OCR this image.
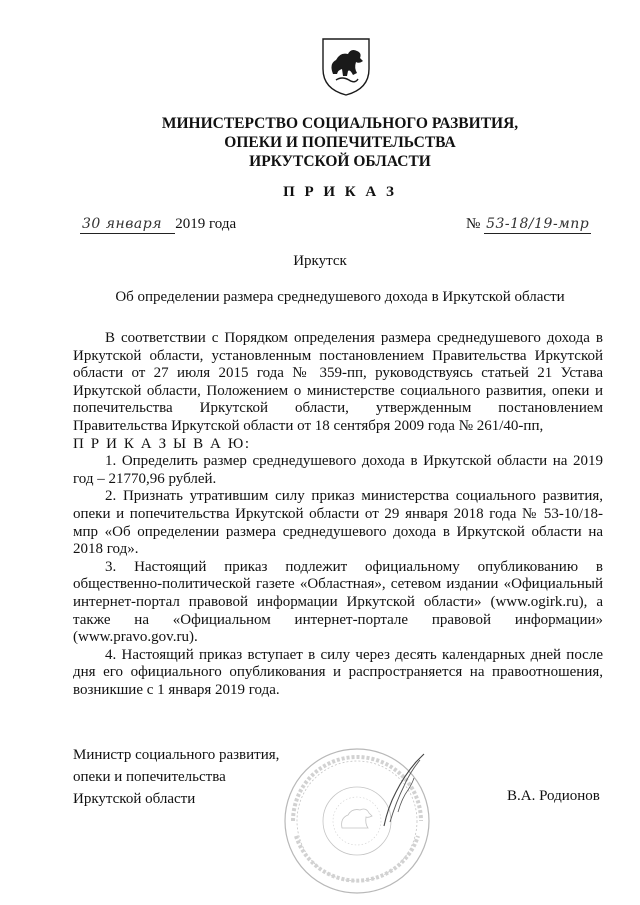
МИНИСТЕРСТВО СОЦИАЛЬНОГО РАЗВИТИЯ,
ОПЕКИ И ПОПЕЧИТЕЛЬСТВА
ИРКУТСКОЙ ОБЛАСТИ
П Р И К А З
30 января 2019 года	№ 53-18/19-мпр
Иркутск
Об определении размера среднедушевого дохода в Иркутской области

В соответствии с Порядком определения размера среднедушевого дохода в Иркутской области, установленным постановлением Правительства Иркутской области от 27 июля 2015 года № 359-пп, руководствуясь статьей 21 Устава Иркутской области, Положением о министерстве социального развития, опеки и попечительства Иркутской области, утвержденным постановлением Правительства Иркутской области от 18 сентября 2009 года № 261/40-пп,

П Р И К А З Ы В А Ю:

1. Определить размер среднедушевого дохода в Иркутской области на 2019 год – 21770,96 рублей.

2. Признать утратившим силу приказ министерства социального развития, опеки и попечительства Иркутской области от 29 января 2018 года № 53-10/18-мпр «Об определении размера среднедушевого дохода в Иркутской области на 2018 год».

3. Настоящий приказ подлежит официальному опубликованию в общественно-политической газете «Областная», сетевом издании «Официальный интернет-портал правовой информации Иркутской области» (www.ogirk.ru), а также на «Официальном интернет-портале правовой информации» (www.pravo.gov.ru).

4. Настоящий приказ вступает в силу через десять календарных дней после дня его официального опубликования и распространяется на правоотношения, возникшие с 1 января 2019 года.

Министр социального развития,
опеки и попечительства
Иркутской области	В.А. Родионов
